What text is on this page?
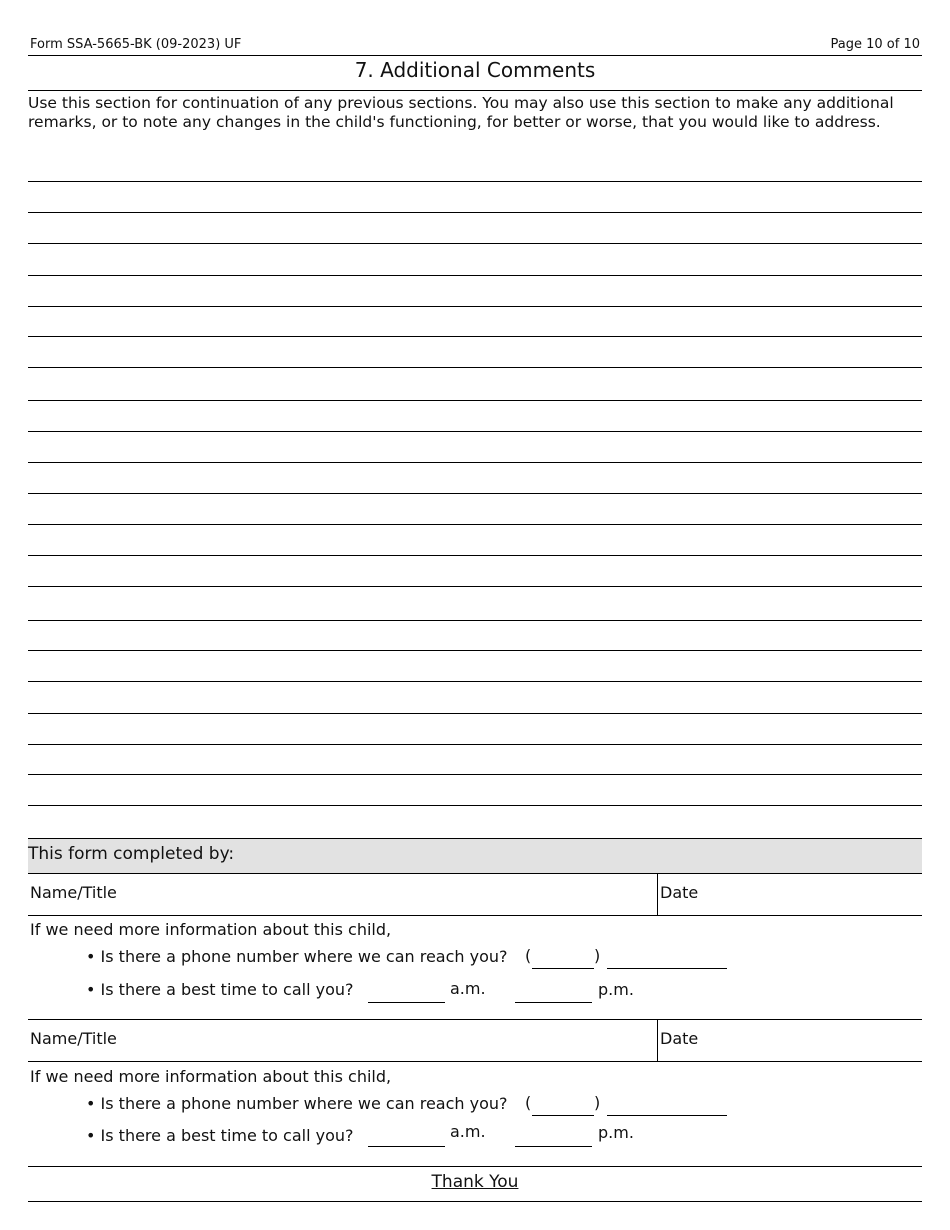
Form SSA-5665-BK (09-2023) UF	Page 10 of 10
7. Additional Comments
Use this section for continuation of any previous sections. You may also use this section to make any additional remarks, or to note any changes in the child's functioning, for better or worse, that you would like to address.
This form completed by:
Name/Title	Date
If we need more information about this child,
• Is there a phone number where we can reach you? (	)
• Is there a best time to call you?	a.m.	p.m.
Name/Title	Date
If we need more information about this child,
• Is there a phone number where we can reach you? (	)
• Is there a best time to call you?	a.m.	p.m.
Thank You
